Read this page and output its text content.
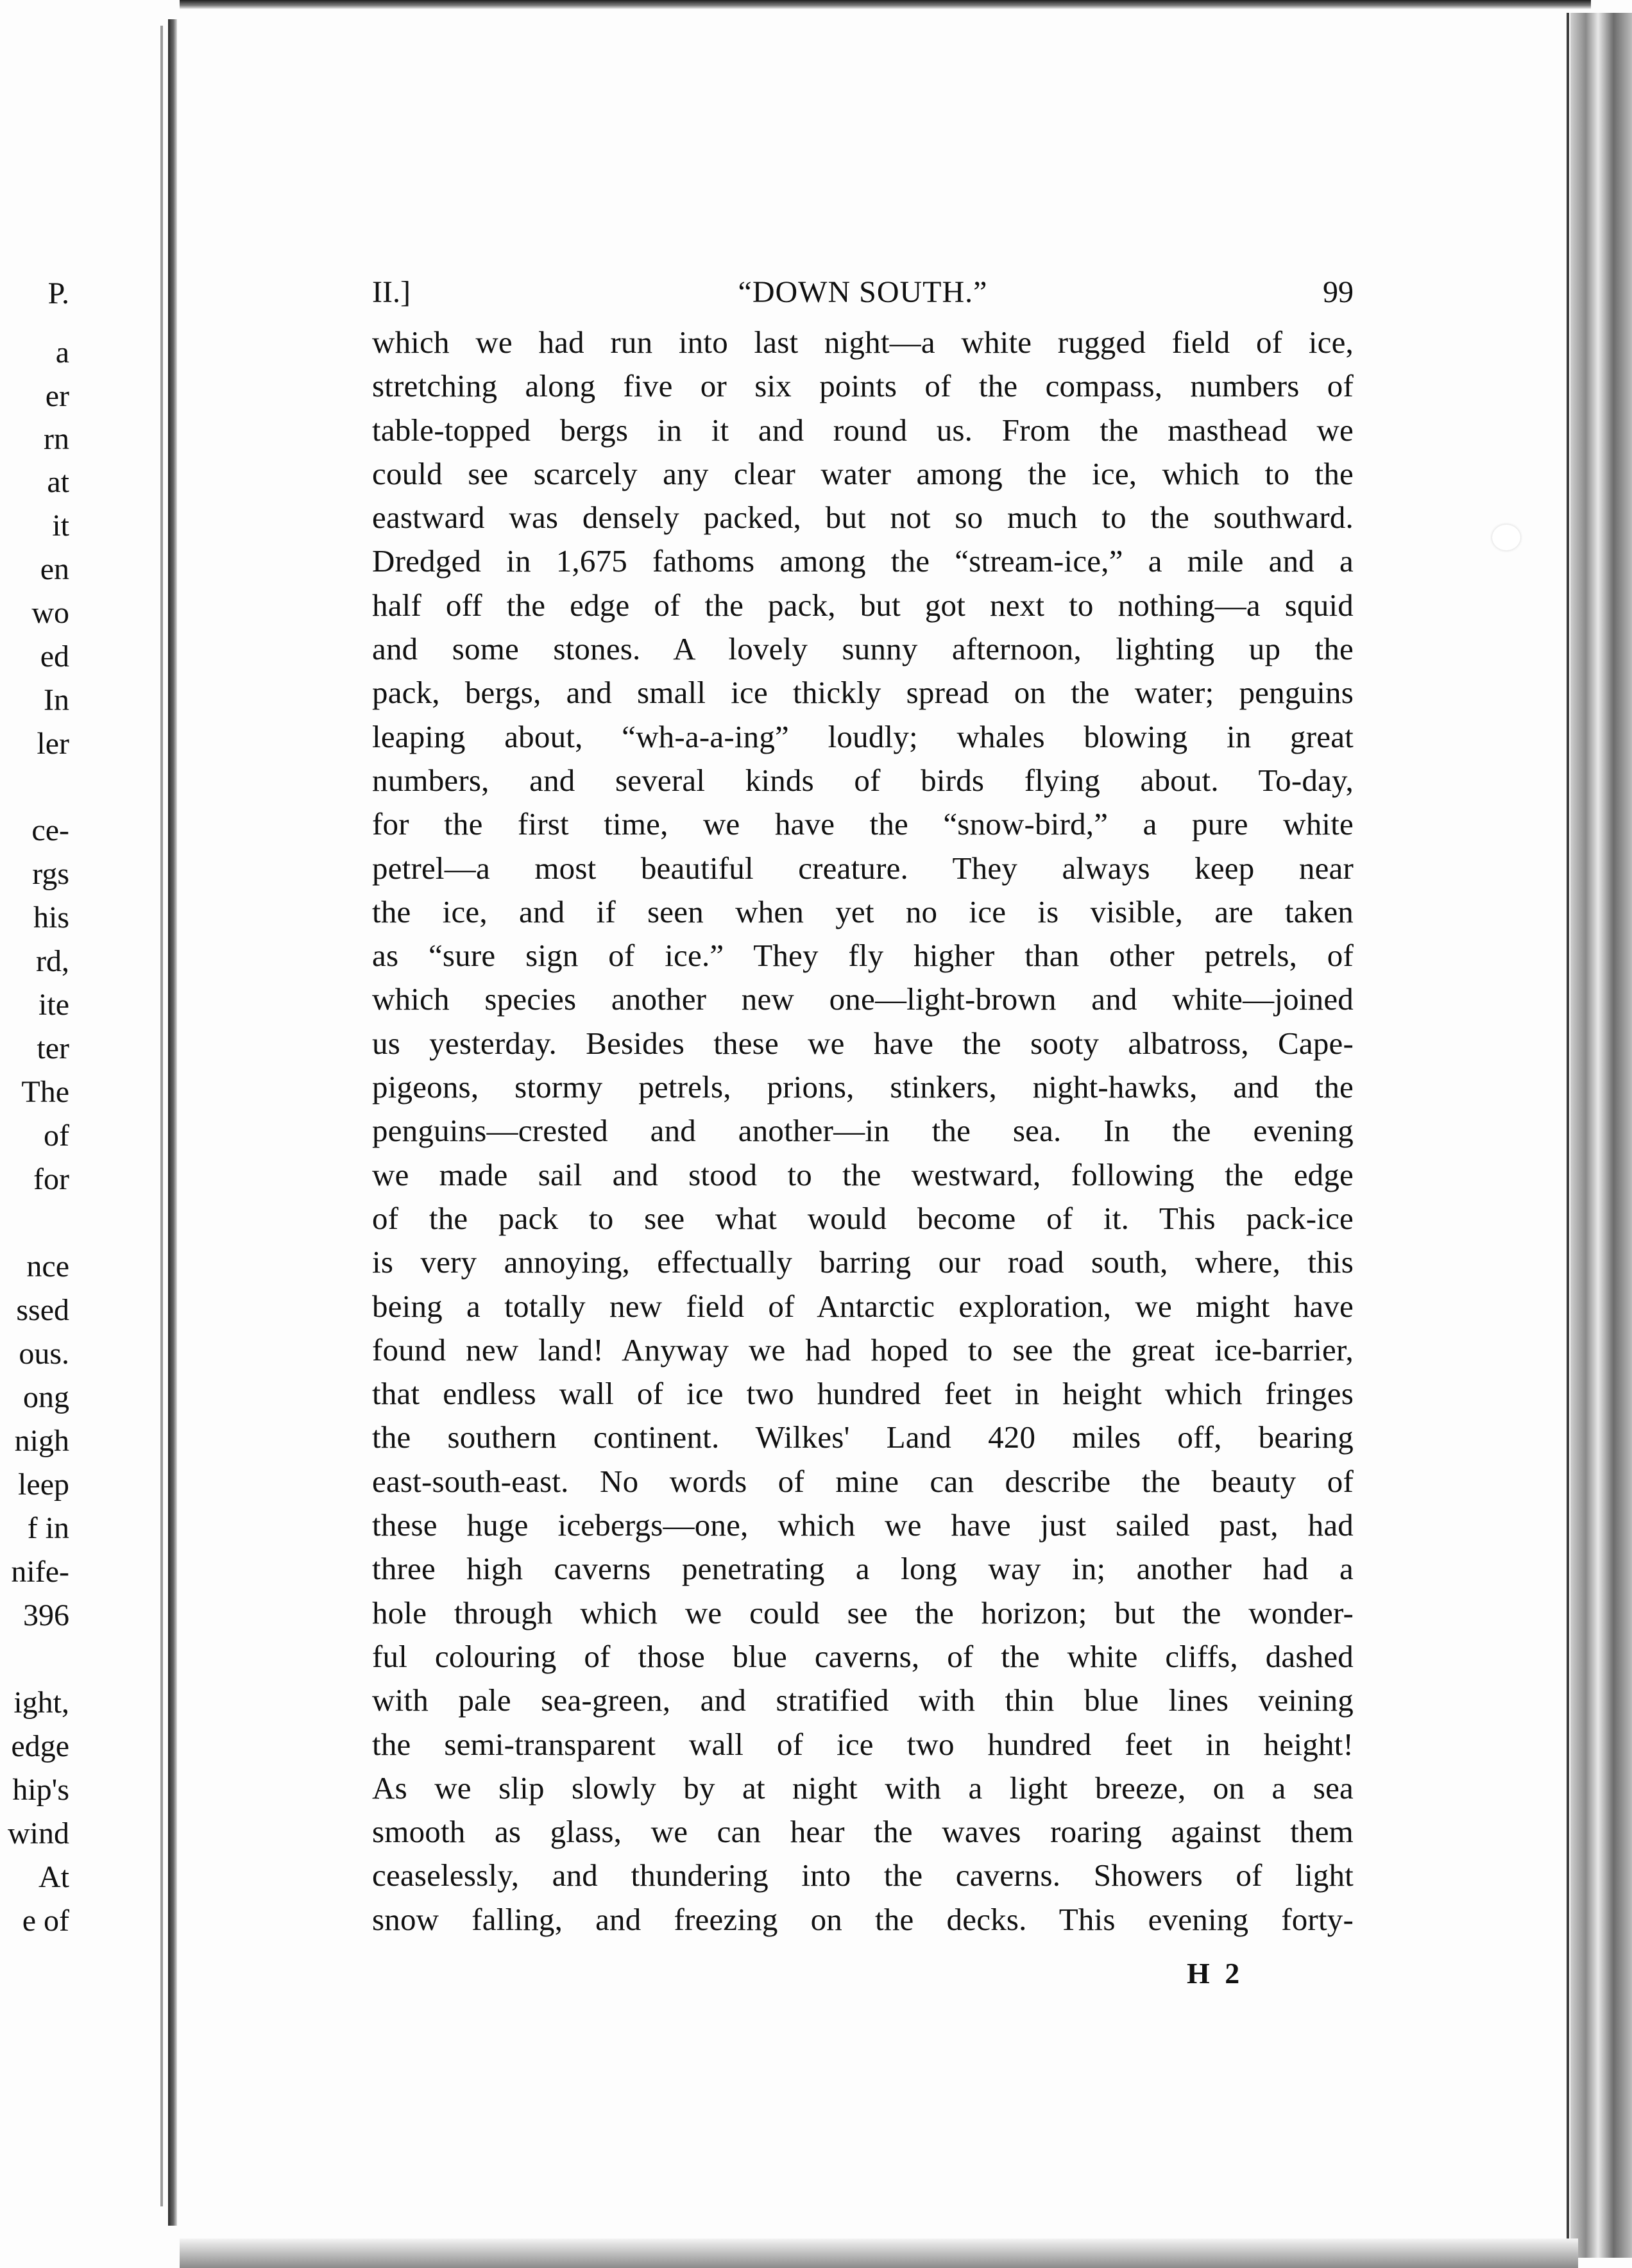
P.
a
er
rn
at
it
en
wo
ed
In
ler
ce-
rgs
his
rd,
ite
ter
The
of
for
nce
ssed
ous.
ong
nigh
leep
f in
nife-
396
ight,
edge
hip's
wind
At
e of
II.]	“DOWN SOUTH.”	99
which we had run into last night—a white rugged field of ice,
stretching along five or six points of the compass, numbers of
table-topped bergs in it and round us. From the masthead we
could see scarcely any clear water among the ice, which to the
eastward was densely packed, but not so much to the southward.
Dredged in 1,675 fathoms among the “stream-ice,” a mile and a
half off the edge of the pack, but got next to nothing—a squid
and some stones. A lovely sunny afternoon, lighting up the
pack, bergs, and small ice thickly spread on the water; penguins
leaping about, “wh-a-a-ing” loudly; whales blowing in great
numbers, and several kinds of birds flying about. To-day,
for the first time, we have the “snow-bird,” a pure white
petrel—a most beautiful creature. They always keep near
the ice, and if seen when yet no ice is visible, are taken
as “sure sign of ice.” They fly higher than other petrels, of
which species another new one—light-brown and white—joined
us yesterday. Besides these we have the sooty albatross, Cape-
pigeons, stormy petrels, prions, stinkers, night-hawks, and the
penguins—crested and another—in the sea. In the evening
we made sail and stood to the westward, following the edge
of the pack to see what would become of it. This pack-ice
is very annoying, effectually barring our road south, where, this
being a totally new field of Antarctic exploration, we might have
found new land! Anyway we had hoped to see the great ice-barrier,
that endless wall of ice two hundred feet in height which fringes
the southern continent. Wilkes' Land 420 miles off, bearing
east-south-east. No words of mine can describe the beauty of
these huge icebergs—one, which we have just sailed past, had
three high caverns penetrating a long way in; another had a
hole through which we could see the horizon; but the wonder-
ful colouring of those blue caverns, of the white cliffs, dashed
with pale sea-green, and stratified with thin blue lines veining
the semi-transparent wall of ice two hundred feet in height!
As we slip slowly by at night with a light breeze, on a sea
smooth as glass, we can hear the waves roaring against them
ceaselessly, and thundering into the caverns. Showers of light
snow falling, and freezing on the decks. This evening forty-
H 2
